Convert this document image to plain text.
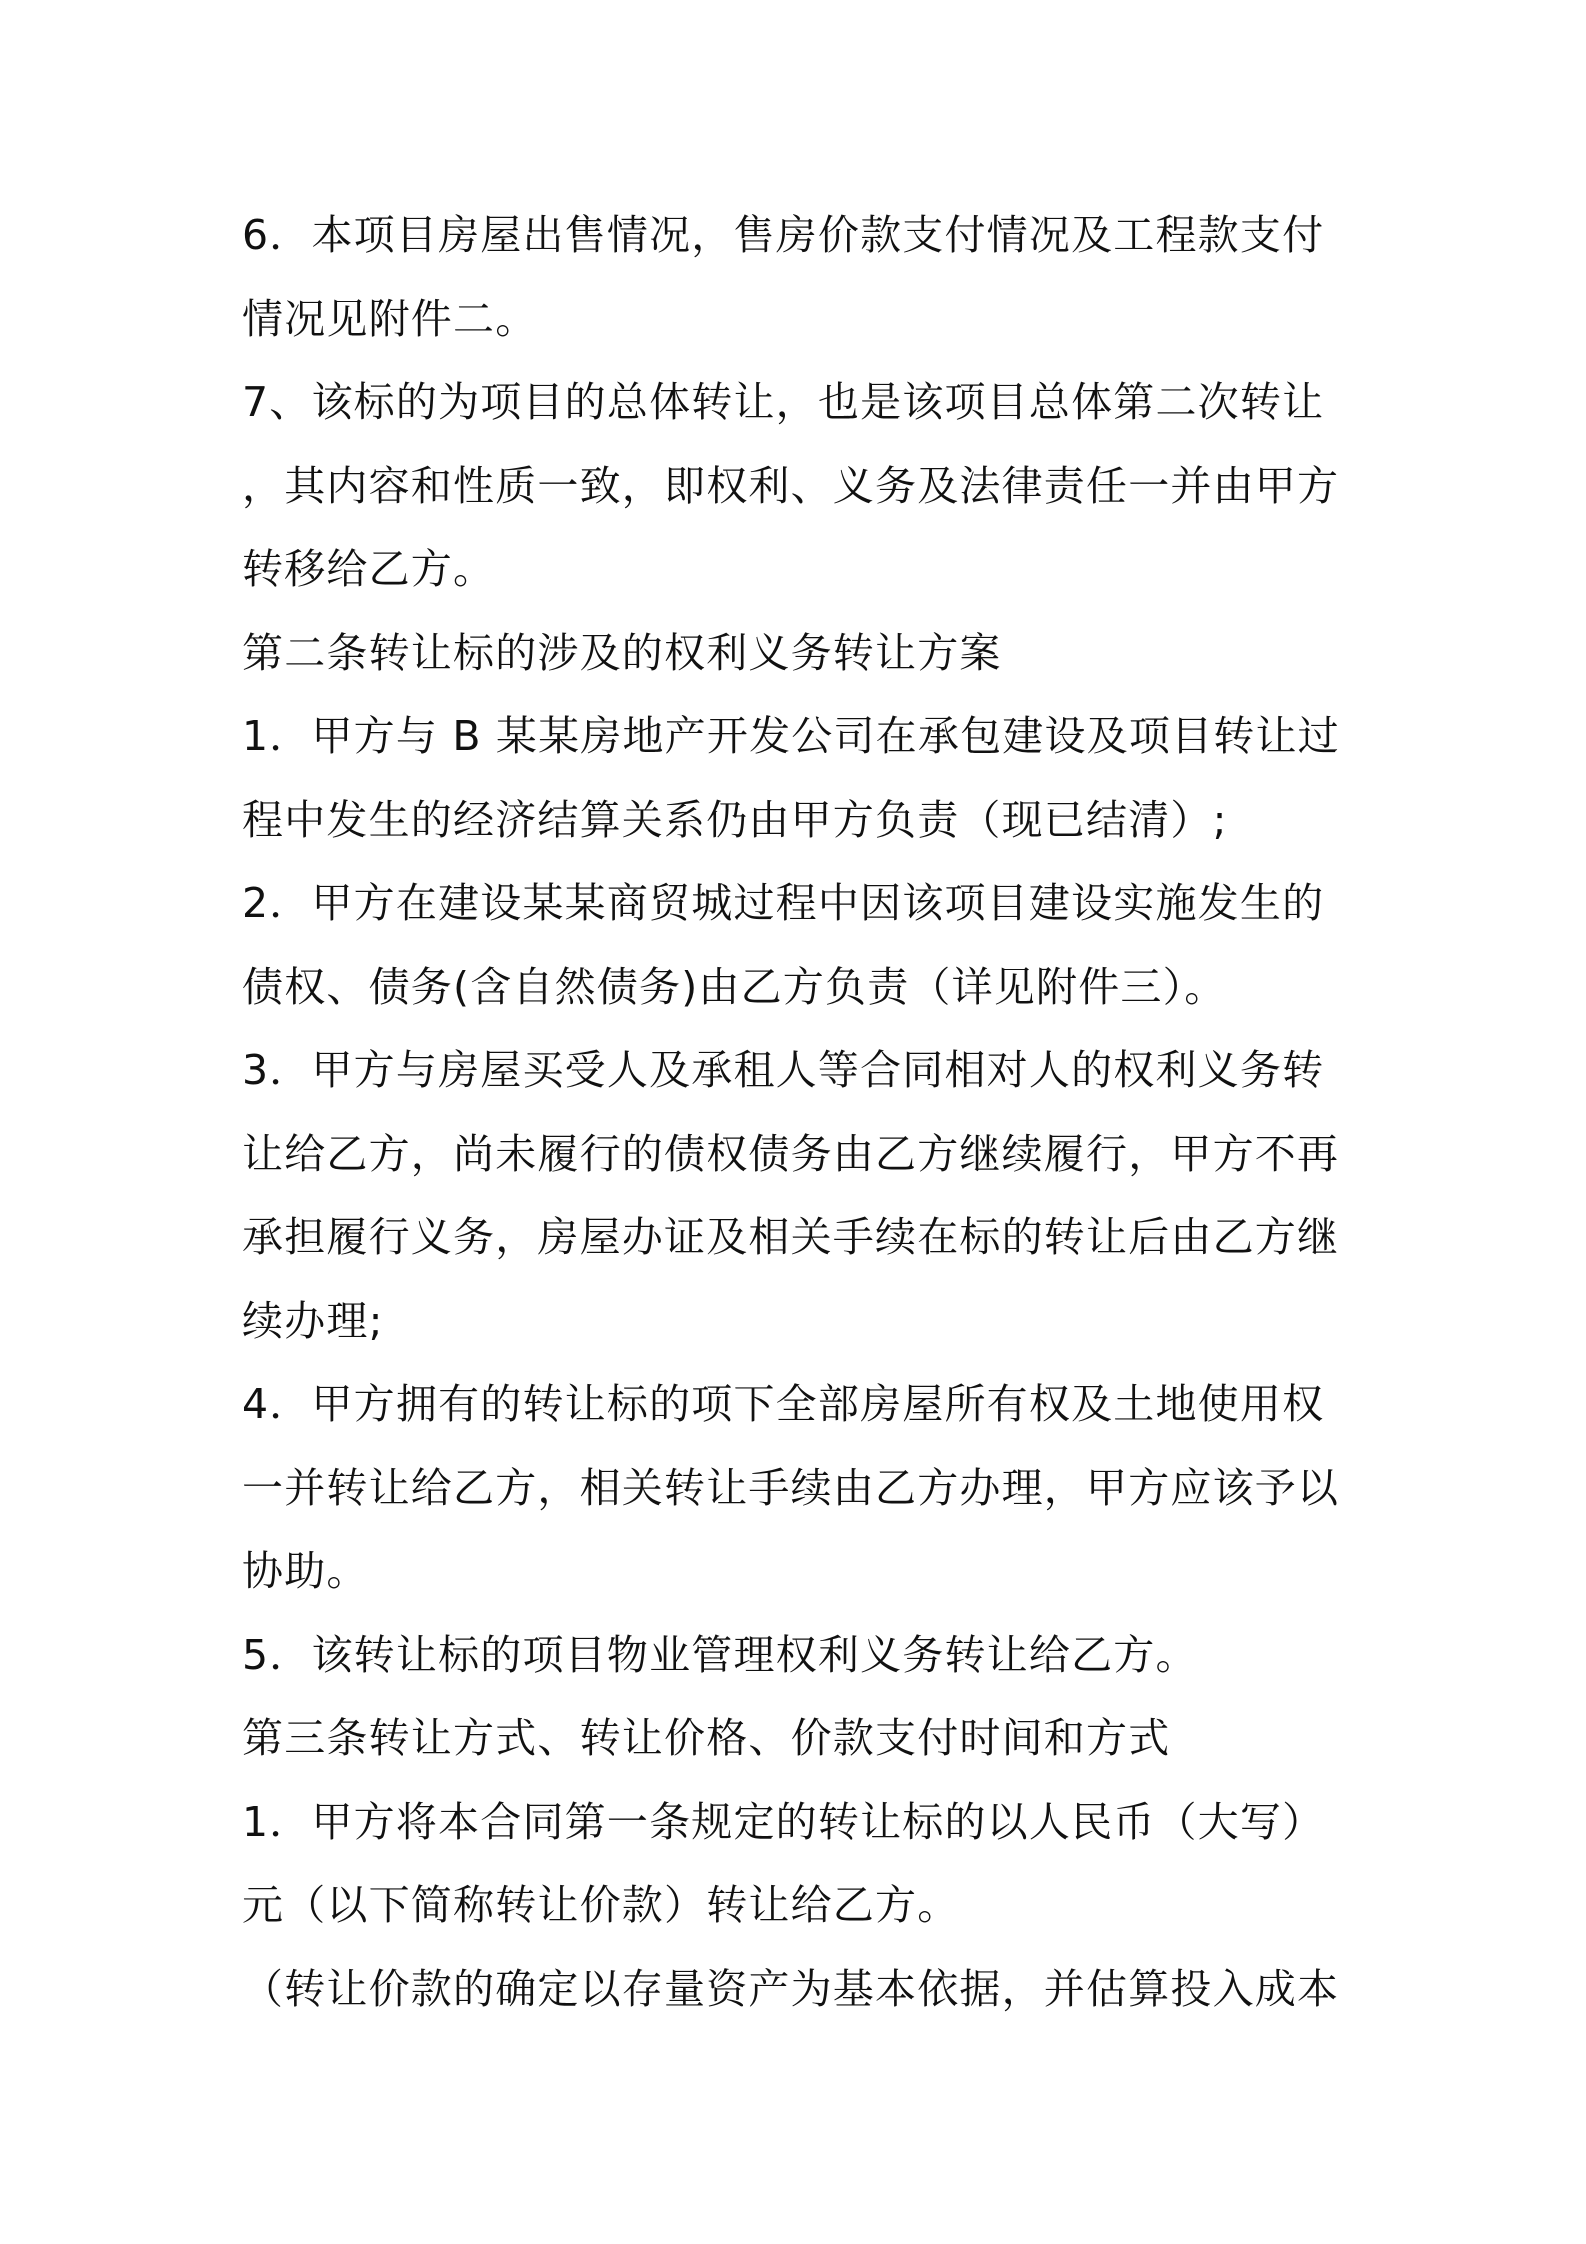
6．本项目房屋出售情况，售房价款支付情况及工程款支付
情况见附件二。
7、该标的为项目的总体转让，也是该项目总体第二次转让
，其内容和性质一致，即权利、义务及法律责任一并由甲方
转移给乙方。
第二条转让标的涉及的权利义务转让方案
1．甲方与 B 某某房地产开发公司在承包建设及项目转让过
程中发生的经济结算关系仍由甲方负责（现已结清）;
2．甲方在建设某某商贸城过程中因该项目建设实施发生的
债权、债务(含自然债务)由乙方负责（详见附件三）。
3．甲方与房屋买受人及承租人等合同相对人的权利义务转
让给乙方，尚未履行的债权债务由乙方继续履行，甲方不再
承担履行义务，房屋办证及相关手续在标的转让后由乙方继
续办理;
4．甲方拥有的转让标的项下全部房屋所有权及土地使用权
一并转让给乙方，相关转让手续由乙方办理，甲方应该予以
协助。
5．该转让标的项目物业管理权利义务转让给乙方。
第三条转让方式、转让价格、价款支付时间和方式
1．甲方将本合同第一条规定的转让标的以人民币（大写）
元（以下简称转让价款）转让给乙方。
（转让价款的确定以存量资产为基本依据，并估算投入成本
